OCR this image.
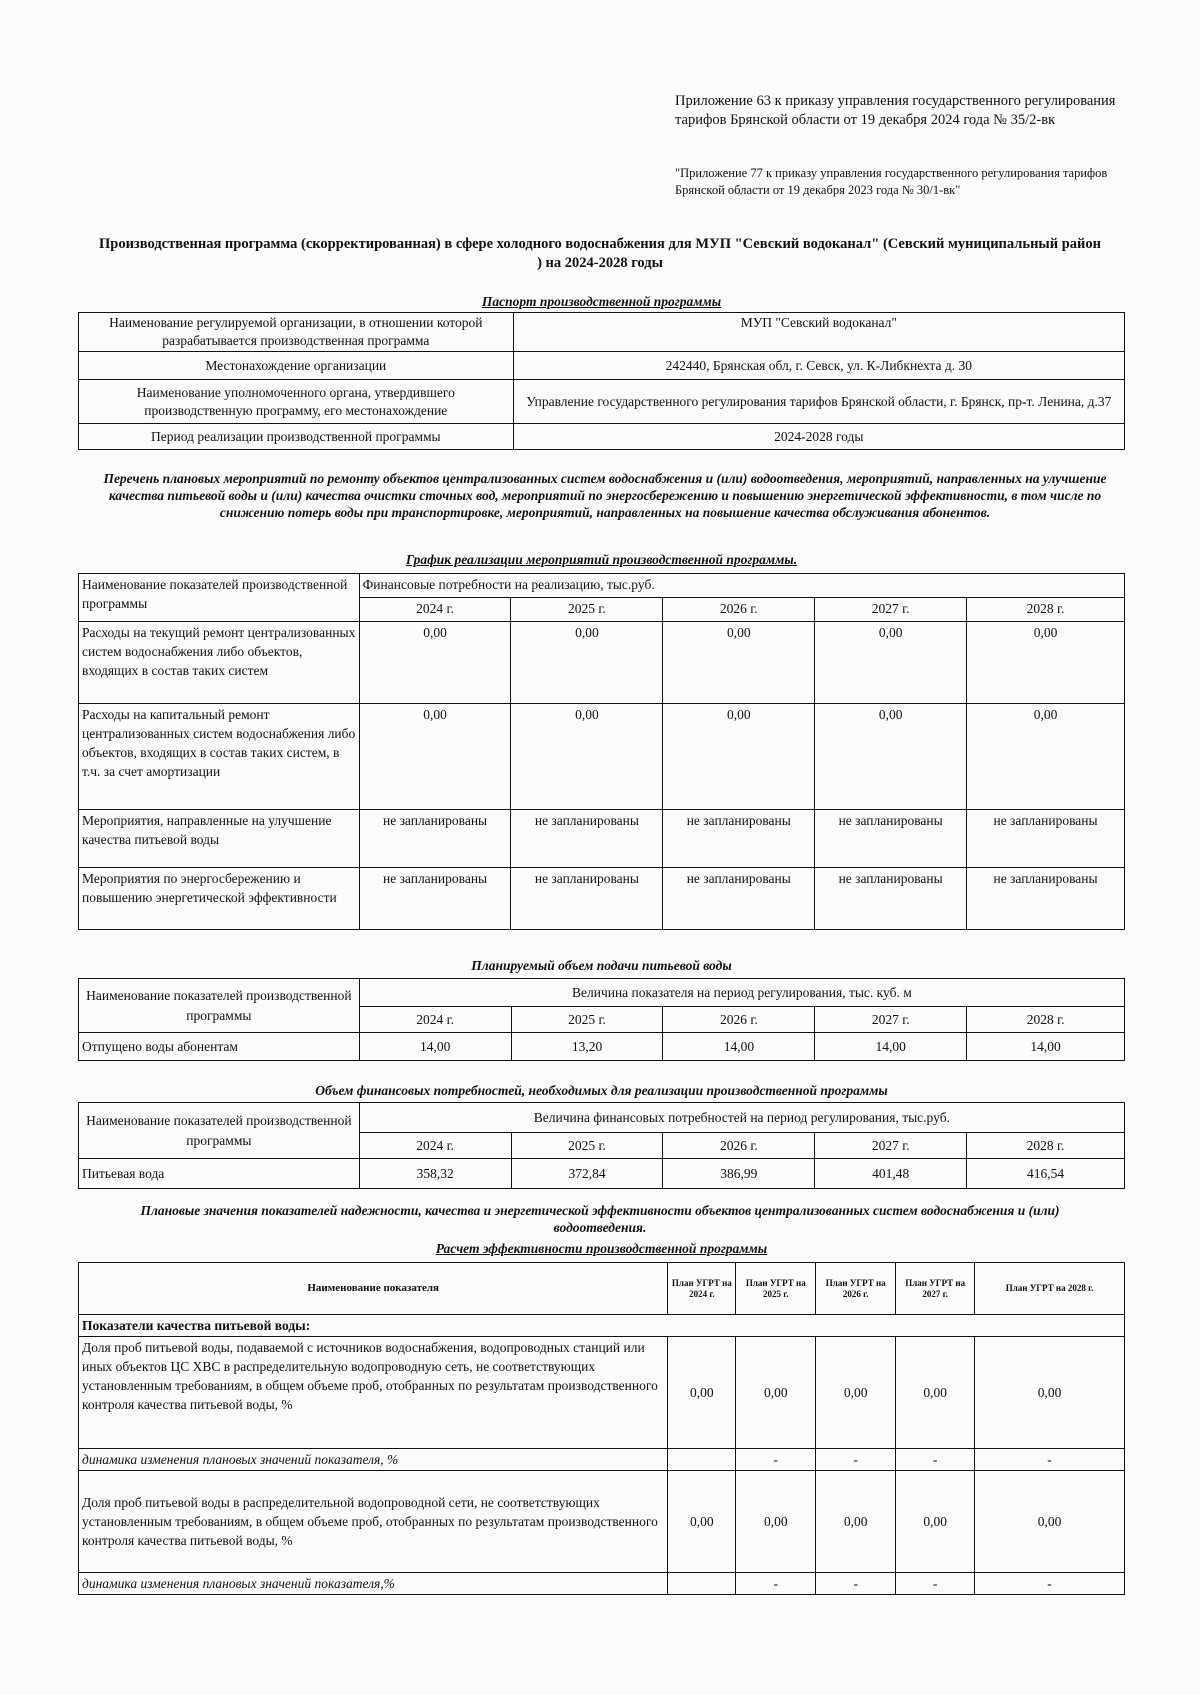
Приложение 63 к приказу управления государственного регулирования тарифов Брянской области от 19 декабря 2024 года № 35/2-вк
"Приложение 77 к приказу управления государственного регулирования тарифов Брянской области от 19 декабря 2023 года № 30/1-вк"
Производственная программа (скорректированная) в сфере холодного водоснабжения для МУП "Севский водоканал" (Севский муниципальный район ) на 2024-2028 годы
Паспорт производственной программы
Наименование регулируемой организации, в отношении которой разрабатывается производственная программа	МУП "Севский водоканал"
Местонахождение организации	242440, Брянская обл, г. Севск, ул. К-Либкнехта д. 30
Наименование уполномоченного органа, утвердившего производственную программу, его местонахождение	Управление государственного регулирования тарифов Брянской области, г. Брянск, пр-т. Ленина, д.37
Период реализации производственной программы	2024-2028 годы
Перечень плановых мероприятий по ремонту объектов централизованных систем водоснабжения и (или) водоотведения, мероприятий, направленных на улучшение качества питьевой воды и (или) качества очистки сточных вод, мероприятий по энергосбережению и повышению энергетической эффективности, в том числе по снижению потерь воды при транспортировке, мероприятий, направленных на повышение качества обслуживания абонентов.
График реализации мероприятий производственной программы.
Наименование показателей производственной программы	Финансовые потребности на реализацию, тыс.руб.				
	2024 г.	2025 г.	2026 г.	2027 г.	2028 г.
Расходы на текущий ремонт централизованных систем водоснабжения либо объектов, входящих в состав таких систем	0,00	0,00	0,00	0,00	0,00
Расходы на капитальный ремонт централизованных систем водоснабжения либо объектов, входящих в состав таких систем, в т.ч. за счет амортизации	0,00	0,00	0,00	0,00	0,00
Мероприятия, направленные на улучшение качества питьевой воды	не запланированы	не запланированы	не запланированы	не запланированы	не запланированы
Мероприятия по энергосбережению и повышению энергетической эффективности	не запланированы	не запланированы	не запланированы	не запланированы	не запланированы
Планируемый объем подачи питьевой воды
Наименование показателей производственной программы	Величина показателя на период регулирования, тыс. куб. м				
	2024 г.	2025 г.	2026 г.	2027 г.	2028 г.
Отпущено воды абонентам	14,00	13,20	14,00	14,00	14,00
Объем финансовых потребностей, необходимых для реализации производственной программы
Наименование показателей производственной программы	Величина финансовых потребностей на период регулирования, тыс.руб.				
	2024 г.	2025 г.	2026 г.	2027 г.	2028 г.
Питьевая вода	358,32	372,84	386,99	401,48	416,54
Плановые значения показателей надежности, качества и энергетической эффективности объектов централизованных систем водоснабжения и (или) водоотведения.
Расчет эффективности производственной программы
Наименование показателя	План УГРТ на 2024 г.	План УГРТ на 2025 г.	План УГРТ на 2026 г.	План УГРТ на 2027 г.	План УГРТ на 2028 г.
Показатели качества питьевой воды:					
Доля проб питьевой воды, подаваемой с источников водоснабжения, водопроводных станций или иных объектов ЦС ХВС в распределительную водопроводную сеть, не соответствующих установленным требованиям, в общем объеме проб, отобранных по результатам производственного контроля качества питьевой воды, %	0,00	0,00	0,00	0,00	0,00
динамика изменения плановых значений показателя, %		-	-	-	-
Доля проб питьевой воды в распределительной водопроводной сети, не соответствующих установленным требованиям, в общем объеме проб, отобранных по результатам производственного контроля качества питьевой воды, %	0,00	0,00	0,00	0,00	0,00
динамика изменения плановых значений показателя,%		-	-	-	-
